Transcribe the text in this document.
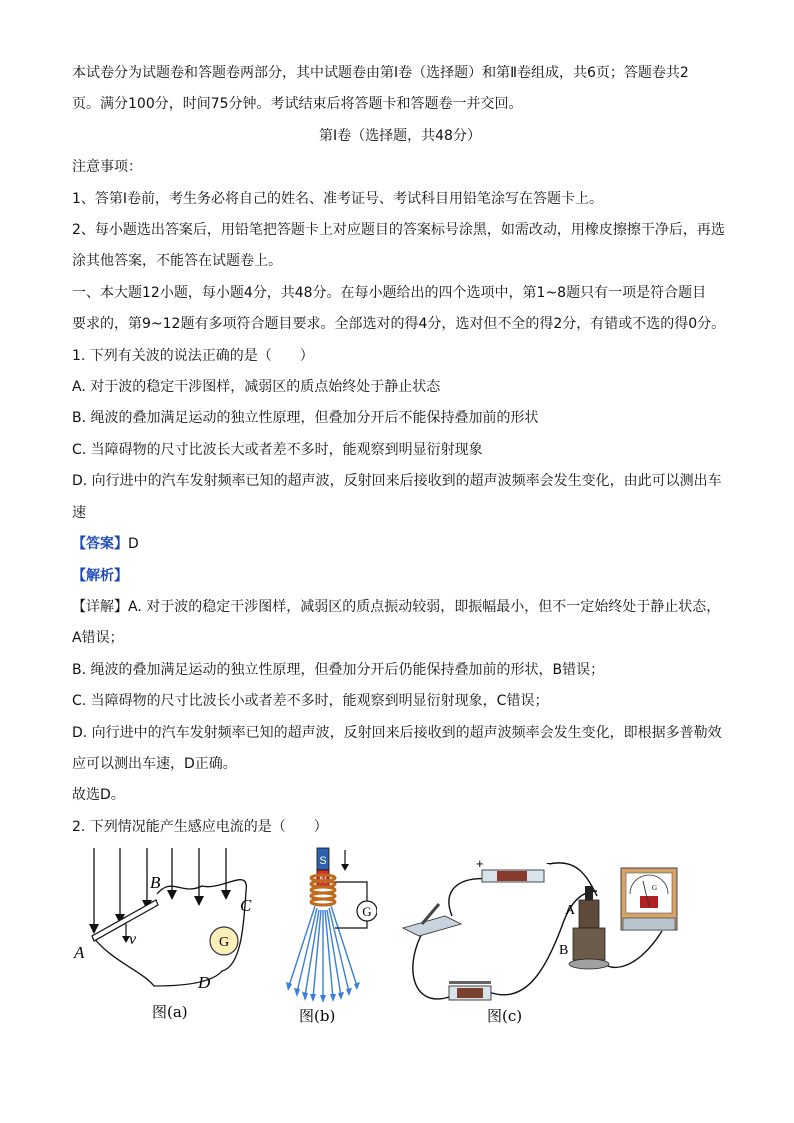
本试卷分为试题卷和答题卷两部分，其中试题卷由第Ⅰ卷（选择题）和第Ⅱ卷组成，共6页；答题卷共2
页。满分100分，时间75分钟。考试结束后将答题卡和答题卷一并交回。
第Ⅰ卷（选择题，共48分）
注意事项：
1、答第Ⅰ卷前，考生务必将自己的姓名、准考证号、考试科目用铅笔涂写在答题卡上。
2、每小题选出答案后，用铅笔把答题卡上对应题目的答案标号涂黑，如需改动，用橡皮擦擦干净后，再选
涂其他答案，不能答在试题卷上。
一、本大题12小题，每小题4分，共48分。在每小题给出的四个选项中，第1~8题只有一项是符合题目
要求的，第9~12题有多项符合题目要求。全部选对的得4分，选对但不全的得2分，有错或不选的得0分。
1. 下列有关波的说法正确的是（　　）
A. 对于波的稳定干涉图样，减弱区的质点始终处于静止状态
B. 绳波的叠加满足运动的独立性原理，但叠加分开后不能保持叠加前的形状
C. 当障碍物的尺寸比波长大或者差不多时，能观察到明显衍射现象
D. 向行进中的汽车发射频率已知的超声波，反射回来后接收到的超声波频率会发生变化，由此可以测出车
速
【答案】D
【解析】
【详解】A. 对于波的稳定干涉图样，减弱区的质点振动较弱，即振幅最小，但不一定始终处于静止状态，
A错误；
B. 绳波的叠加满足运动的独立性原理，但叠加分开后仍能保持叠加前的形状，B错误；
C. 当障碍物的尺寸比波长小或者差不多时，能观察到明显衍射现象，C错误；
D. 向行进中的汽车发射频率已知的超声波，反射回来后接收到的超声波频率会发生变化，即根据多普勒效
应可以测出车速，D正确。
故选D。
2. 下列情况能产生感应电流的是（　　）
G
A
B
C
D
v
图(a)
S
N
G
图(b)
+	−
A
B
G
图(c)
